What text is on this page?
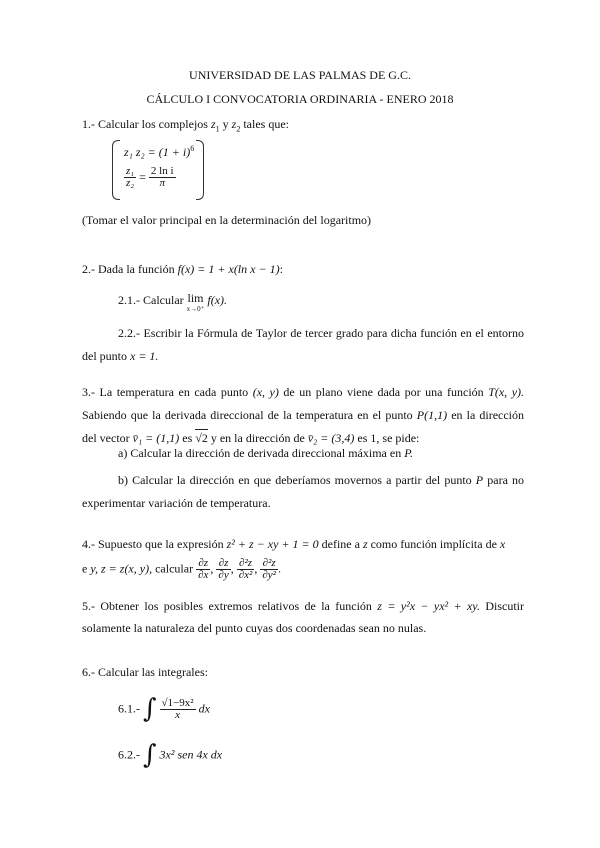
UNIVERSIDAD DE LAS PALMAS DE G.C.
CÁLCULO I CONVOCATORIA ORDINARIA - ENERO 2018
1.- Calcular los complejos $z_1$ y $z_2$ tales que:
z₁ $z_2 = (1 + i)^6$
$\frac{\text{z₁}}{\text{z₂}} = \frac{\text{2 ln i}}{\pi}$
(Tomar el valor principal en la determinación del logaritmo)
2.- Dada la función f(x) = 1 + x(ln x − 1):
2.1.- Calcular lim
x→0⁺
f(x).
2.2.- Escribir la Fórmula de Taylor de tercer grado para dicha función en el entorno del punto x = 1.
3.- La temperatura en cada punto (x, y) de un plano viene dada por una función T(x, y). Sabiendo que la derivada direccional de la temperatura en el punto P(1,1) en la dirección del vector v̄₁ = (1,1) es √2 y en la dirección de v̄₂ = (3,4) es 1, se pide:
a) Calcular la dirección de derivada direccional máxima en P.
b) Calcular la dirección en que deberíamos movernos a partir del punto P para no experimentar variación de temperatura.
4.- Supuesto que la expresión z² + z − xy + 1 = 0 define a z como función implícita de x
e y, z = z(x, y), calcular $\frac{\partial z}{\partial x}$ , $\frac{\partial z}{\partial y}$ , $\frac{\text{∂²z}}{\text{∂x²}}$ , $\frac{\text{∂²z}}{\text{∂y²}}$ .
5.- Obtener los posibles extremos relativos de la función z = y²x − yx² + xy. Discutir solamente la naturaleza del punto cuyas dos coordenadas sean no nulas.
6.- Calcular las integrales:
6.1.- ∫ $\frac{\text{√1−9x²}}{x}$ dx
6.2.- ∫ 3x² sen 4x dx
